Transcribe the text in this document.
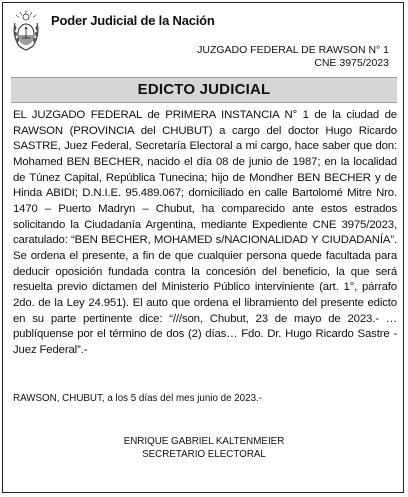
Poder Judicial de la Nación
JUZGADO FEDERAL DE RAWSON N° 1
CNE 3975/2023
EDICTO JUDICIAL

EL JUZGADO FEDERAL de PRIMERA INSTANCIA N° 1 de la ciudad de RAWSON (PROVINCIA del CHUBUT) a cargo del doctor Hugo Ricardo SASTRE, Juez Federal, Secretaría Electoral a mi cargo, hace saber que don: Mohamed BEN BECHER, nacido el día 08 de junio de 1987; en la localidad de Túnez Capital, República Tunecina; hijo de Mondher BEN BECHER y de Hinda ABIDI; D.N.I.E. 95.489.067; domiciliado en calle Bartolomé Mitre Nro. 1470 – Puerto Madryn – Chubut, ha comparecido ante estos estrados solicitando la Ciudadanía Argentina, mediante Expediente CNE 3975/2023, caratulado: “BEN BECHER, MOHAMED s/NACIONALIDAD Y CIUDADANÍA”. Se ordena el presente, a fin de que cualquier persona quede facultada para deducir oposición fundada contra la concesión del beneficio, la que será resuelta previo dictamen del Ministerio Público interviniente (art. 1°, párrafo 2do. de la Ley 24.951). El auto que ordena el libramiento del presente edicto en su parte pertinente dice: “///son, Chubut, 23 de mayo de 2023.- …publíquense por el término de dos (2) días… Fdo. Dr. Hugo Ricardo Sastre - Juez Federal”.-

RAWSON, CHUBUT, a los 5 días del mes junio de 2023.-

ENRIQUE GABRIEL KALTENMEIER
SECRETARIO ELECTORAL
